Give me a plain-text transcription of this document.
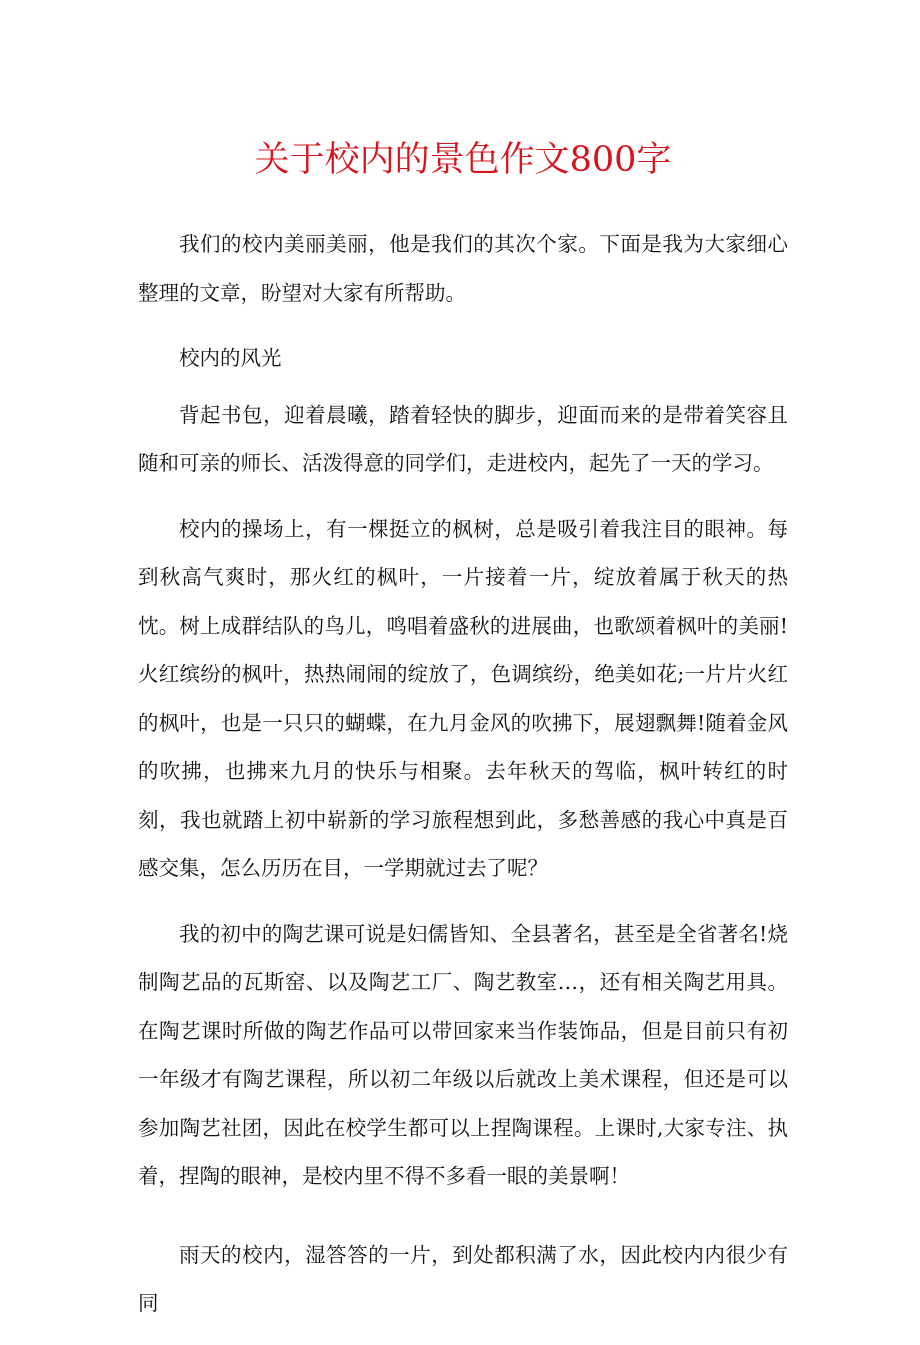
关于校内的景色作文800字

我们的校内美丽美丽，他是我们的其次个家。下面是我为大家细心整理的文章，盼望对大家有所帮助。

校内的风光

背起书包，迎着晨曦，踏着轻快的脚步，迎面而来的是带着笑容且随和可亲的师长、活泼得意的同学们，走进校内，起先了一天的学习。

校内的操场上，有一棵挺立的枫树，总是吸引着我注目的眼神。每到秋高气爽时，那火红的枫叶，一片接着一片，绽放着属于秋天的热忱。树上成群结队的鸟儿，鸣唱着盛秋的进展曲，也歌颂着枫叶的美丽!火红缤纷的枫叶，热热闹闹的绽放了，色调缤纷，绝美如花;一片片火红的枫叶，也是一只只的蝴蝶，在九月金风的吹拂下，展翅飘舞!随着金风的吹拂，也拂来九月的快乐与相聚。去年秋天的驾临，枫叶转红的时刻，我也就踏上初中崭新的学习旅程想到此，多愁善感的我心中真是百感交集，怎么历历在目，一学期就过去了呢？

我的初中的陶艺课可说是妇儒皆知、全县著名，甚至是全省著名!烧制陶艺品的瓦斯窑、以及陶艺工厂、陶艺教室…，还有相关陶艺用具。在陶艺课时所做的陶艺作品可以带回家来当作装饰品，但是目前只有初一年级才有陶艺课程，所以初二年级以后就改上美术课程，但还是可以参加陶艺社团，因此在校学生都可以上捏陶课程。上课时,大家专注、执着，捏陶的眼神，是校内里不得不多看一眼的美景啊！

雨天的校内，湿答答的一片，到处都积满了水，因此校内内很少有同
